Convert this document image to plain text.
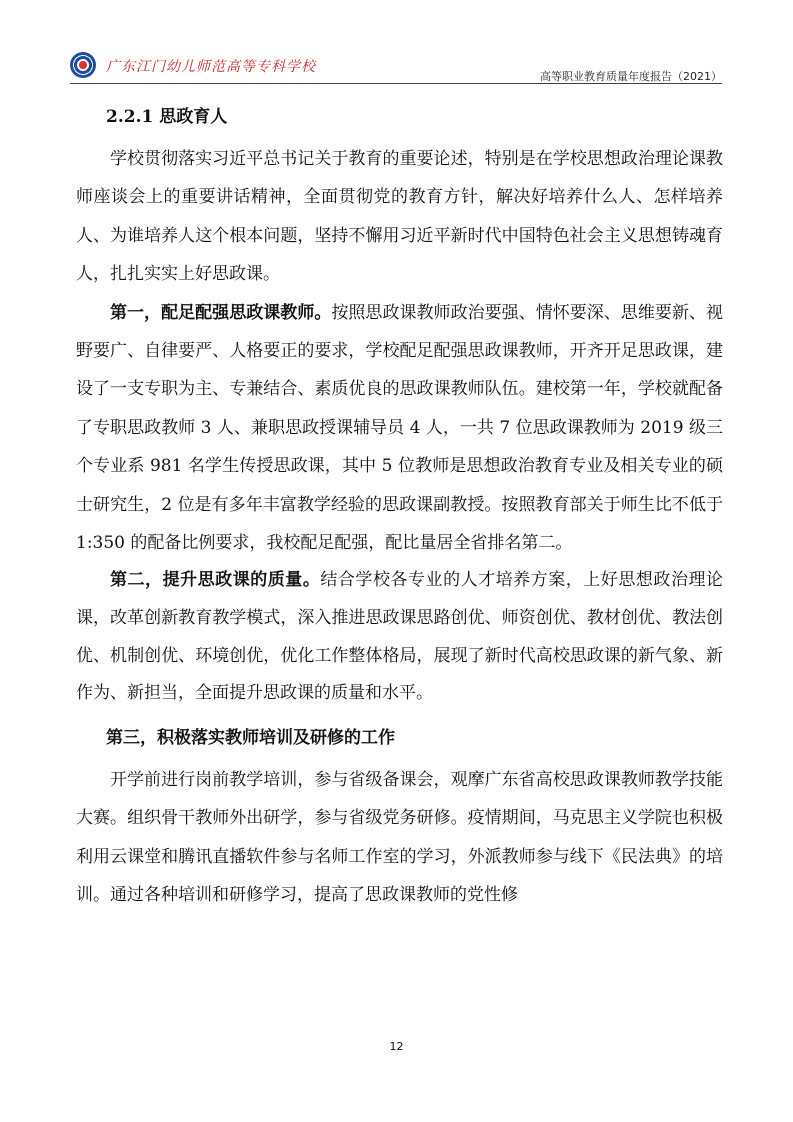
广东江门幼儿师范高等专科学校
高等职业教育质量年度报告（2021）
2.2.1 思政育人

学校贯彻落实习近平总书记关于教育的重要论述，特别是在学校思想政治理论课教师座谈会上的重要讲话精神，全面贯彻党的教育方针，解决好培养什么人、怎样培养人、为谁培养人这个根本问题，坚持不懈用习近平新时代中国特色社会主义思想铸魂育人，扎扎实实上好思政课。

第一，配足配强思政课教师。按照思政课教师政治要强、情怀要深、思维要新、视野要广、自律要严、人格要正的要求，学校配足配强思政课教师，开齐开足思政课，建设了一支专职为主、专兼结合、素质优良的思政课教师队伍。建校第一年，学校就配备了专职思政教师 3 人、兼职思政授课辅导员 4 人，一共 7 位思政课教师为 2019 级三个专业系 981 名学生传授思政课，其中 5 位教师是思想政治教育专业及相关专业的硕士研究生，2 位是有多年丰富教学经验的思政课副教授。按照教育部关于师生比不低于 1:350 的配备比例要求，我校配足配强，配比量居全省排名第二。

第二，提升思政课的质量。结合学校各专业的人才培养方案，上好思想政治理论课，改革创新教育教学模式，深入推进思政课思路创优、师资创优、教材创优、教法创优、机制创优、环境创优，优化工作整体格局，展现了新时代高校思政课的新气象、新作为、新担当，全面提升思政课的质量和水平。

第三，积极落实教师培训及研修的工作

开学前进行岗前教学培训，参与省级备课会，观摩广东省高校思政课教师教学技能大赛。组织骨干教师外出研学，参与省级党务研修。疫情期间，马克思主义学院也积极利用云课堂和腾讯直播软件参与名师工作室的学习，外派教师参与线下《民法典》的培训。通过各种培训和研修学习，提高了思政课教师的党性修

12
